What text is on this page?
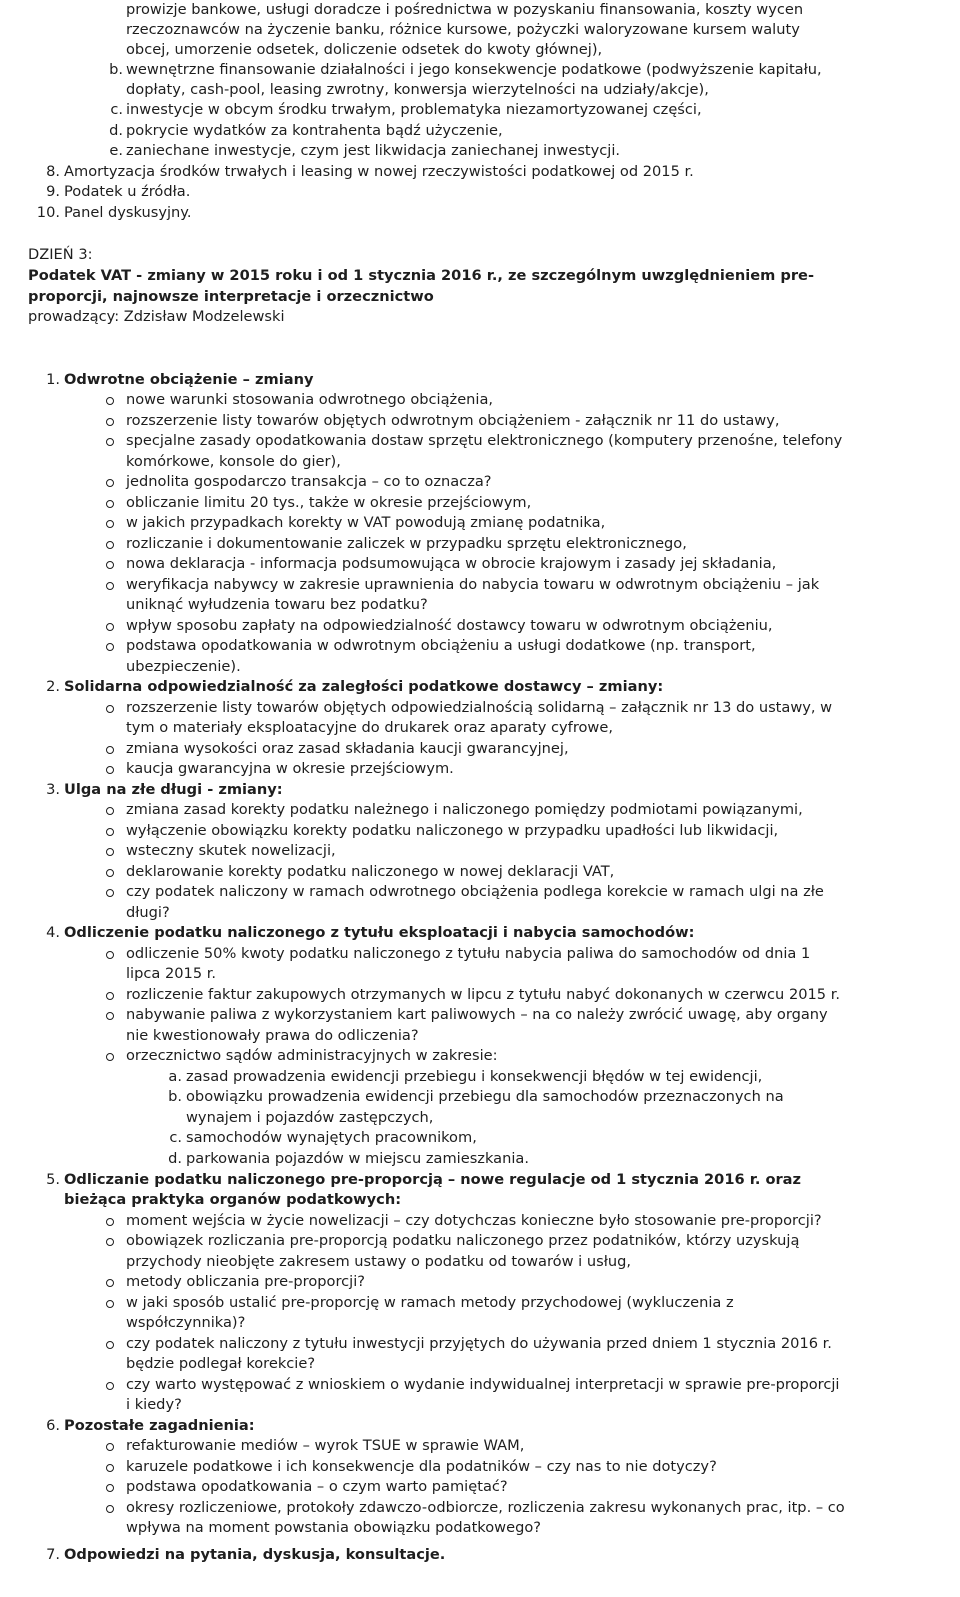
prowizje bankowe, usługi doradcze i pośrednictwa w pozyskaniu finansowania, koszty wycen
rzeczoznawców na życzenie banku, różnice kursowe, pożyczki waloryzowane kursem waluty
obcej, umorzenie odsetek, doliczenie odsetek do kwoty głównej),
b. wewnętrzne finansowanie działalności i jego konsekwencje podatkowe (podwyższenie kapitału,
dopłaty, cash-pool, leasing zwrotny, konwersja wierzytelności na udziały/akcje),
c. inwestycje w obcym środku trwałym, problematyka niezamortyzowanej części,
d. pokrycie wydatków za kontrahenta bądź użyczenie,
e. zaniechane inwestycje, czym jest likwidacja zaniechanej inwestycji.
8. Amortyzacja środków trwałych i leasing w nowej rzeczywistości podatkowej od 2015 r.
9. Podatek u źródła.
10. Panel dyskusyjny.
DZIEŃ 3:
Podatek VAT - zmiany w 2015 roku i od 1 stycznia 2016 r., ze szczególnym uwzględnieniem pre-
proporcji, najnowsze interpretacje i orzecznictwo
prowadzący: Zdzisław Modzelewski
1. Odwrotne obciążenie – zmiany
nowe warunki stosowania odwrotnego obciążenia,
rozszerzenie listy towarów objętych odwrotnym obciążeniem - załącznik nr 11 do ustawy,
specjalne zasady opodatkowania dostaw sprzętu elektronicznego (komputery przenośne, telefony
komórkowe, konsole do gier),
jednolita gospodarczo transakcja – co to oznacza?
obliczanie limitu 20 tys., także w okresie przejściowym,
w jakich przypadkach korekty w VAT powodują zmianę podatnika,
rozliczanie i dokumentowanie zaliczek w przypadku sprzętu elektronicznego,
nowa deklaracja - informacja podsumowująca w obrocie krajowym i zasady jej składania,
weryfikacja nabywcy w zakresie uprawnienia do nabycia towaru w odwrotnym obciążeniu – jak
uniknąć wyłudzenia towaru bez podatku?
wpływ sposobu zapłaty na odpowiedzialność dostawcy towaru w odwrotnym obciążeniu,
podstawa opodatkowania w odwrotnym obciążeniu a usługi dodatkowe (np. transport,
ubezpieczenie).
2. Solidarna odpowiedzialność za zaległości podatkowe dostawcy – zmiany:
rozszerzenie listy towarów objętych odpowiedzialnością solidarną – załącznik nr 13 do ustawy, w
tym o materiały eksploatacyjne do drukarek oraz aparaty cyfrowe,
zmiana wysokości oraz zasad składania kaucji gwarancyjnej,
kaucja gwarancyjna w okresie przejściowym.
3. Ulga na złe długi - zmiany:
zmiana zasad korekty podatku należnego i naliczonego pomiędzy podmiotami powiązanymi,
wyłączenie obowiązku korekty podatku naliczonego w przypadku upadłości lub likwidacji,
wsteczny skutek nowelizacji,
deklarowanie korekty podatku naliczonego w nowej deklaracji VAT,
czy podatek naliczony w ramach odwrotnego obciążenia podlega korekcie w ramach ulgi na złe
długi?
4. Odliczenie podatku naliczonego z tytułu eksploatacji i nabycia samochodów:
odliczenie 50% kwoty podatku naliczonego z tytułu nabycia paliwa do samochodów od dnia 1
lipca 2015 r.
rozliczenie faktur zakupowych otrzymanych w lipcu z tytułu nabyć dokonanych w czerwcu 2015 r.
nabywanie paliwa z wykorzystaniem kart paliwowych – na co należy zwrócić uwagę, aby organy
nie kwestionowały prawa do odliczenia?
orzecznictwo sądów administracyjnych w zakresie:
a. zasad prowadzenia ewidencji przebiegu i konsekwencji błędów w tej ewidencji,
b. obowiązku prowadzenia ewidencji przebiegu dla samochodów przeznaczonych na
wynajem i pojazdów zastępczych,
c. samochodów wynajętych pracownikom,
d. parkowania pojazdów w miejscu zamieszkania.
5. Odliczanie podatku naliczonego pre-proporcją – nowe regulacje od 1 stycznia 2016 r. oraz
bieżąca praktyka organów podatkowych:
moment wejścia w życie nowelizacji – czy dotychczas konieczne było stosowanie pre-proporcji?
obowiązek rozliczania pre-proporcją podatku naliczonego przez podatników, którzy uzyskują
przychody nieobjęte zakresem ustawy o podatku od towarów i usług,
metody obliczania pre-proporcji?
w jaki sposób ustalić pre-proporcję w ramach metody przychodowej (wykluczenia z
współczynnika)?
czy podatek naliczony z tytułu inwestycji przyjętych do używania przed dniem 1 stycznia 2016 r.
będzie podlegał korekcie?
czy warto występować z wnioskiem o wydanie indywidualnej interpretacji w sprawie pre-proporcji
i kiedy?
6. Pozostałe zagadnienia:
refakturowanie mediów – wyrok TSUE w sprawie WAM,
karuzele podatkowe i ich konsekwencje dla podatników – czy nas to nie dotyczy?
podstawa opodatkowania – o czym warto pamiętać?
okresy rozliczeniowe, protokoły zdawczo-odbiorcze, rozliczenia zakresu wykonanych prac, itp. – co
wpływa na moment powstania obowiązku podatkowego?
7. Odpowiedzi na pytania, dyskusja, konsultacje.
